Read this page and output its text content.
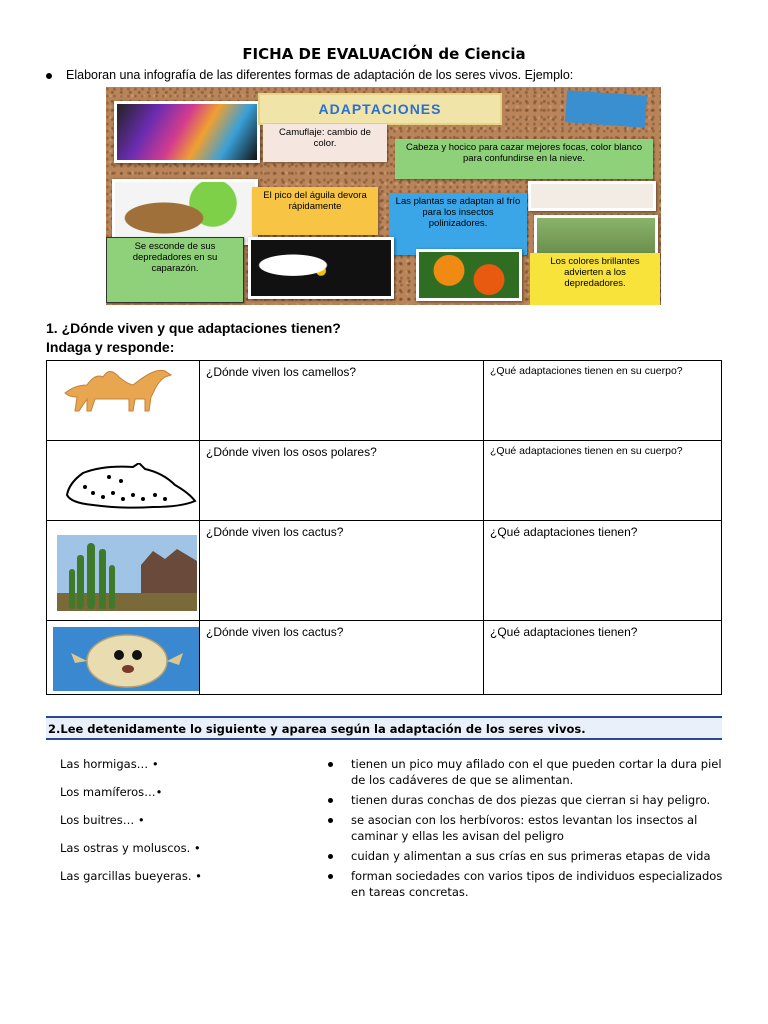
FICHA DE EVALUACIÓN de Ciencia
Elaboran una infografía de las diferentes formas de adaptación de los seres vivos. Ejemplo:
ADAPTACIONES
Camuflaje: cambio de color.	Cabeza y hocico para cazar mejores focas, color blanco para confundirse en la nieve.
El pico del águila devora rápidamente	Las plantas se adaptan al frío para los insectos polinizadores.
Se esconde de sus depredadores en su caparazón.
Los colores brillantes advierten a los depredadores.
1. ¿Dónde viven y que adaptaciones tienen?
Indaga y responde:
	¿Dónde viven los camellos?	¿Qué adaptaciones tienen en su cuerpo?

	¿Dónde viven los osos polares?	¿Qué adaptaciones tienen en su cuerpo?

	¿Dónde viven los cactus?	¿Qué adaptaciones tienen?

	¿Dónde viven los cactus?	¿Qué adaptaciones tienen?
2.Lee detenidamente lo siguiente y aparea según la adaptación de los seres vivos.
Las hormigas… •
Los mamíferos…•
Los buitres… •
Las ostras y moluscos. •
Las garcillas bueyeras. •
tienen un pico muy afilado con el que pueden cortar la dura piel de los cadáveres de que se alimentan.
tienen duras conchas de dos piezas que cierran si hay peligro.
se asocian con los herbívoros: estos levantan los insectos al caminar y ellas les avisan del peligro
cuidan y alimentan a sus crías en sus primeras etapas de vida
forman sociedades con varios tipos de individuos especializados en tareas concretas.
